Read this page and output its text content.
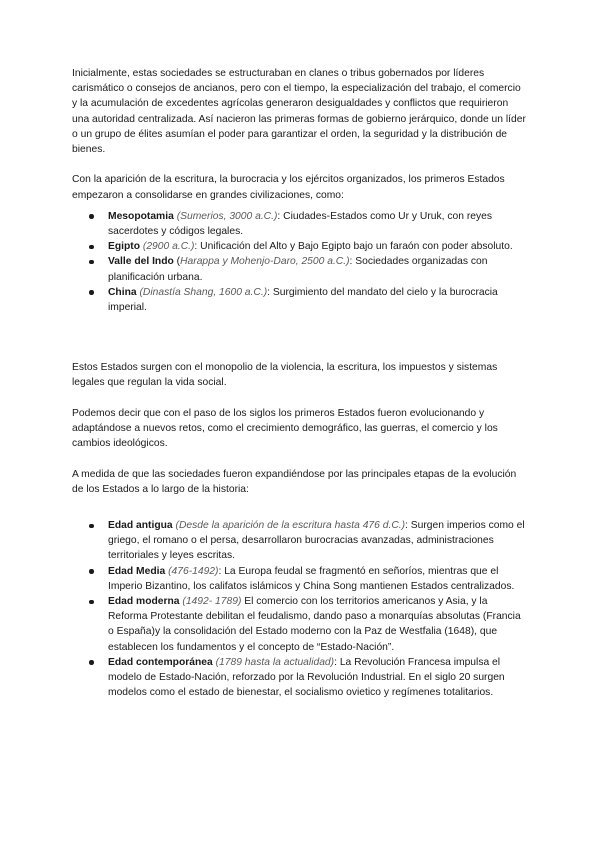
Inicialmente, estas sociedades se estructuraban en clanes o tribus gobernados por líderes carismático o consejos de ancianos, pero con el tiempo, la especialización del trabajo, el comercio y la acumulación de excedentes agrícolas generaron desigualdades y conflictos que requirieron una autoridad centralizada. Así nacieron las primeras formas de gobierno jerárquico, donde un líder o un grupo de élites asumían el poder para garantizar el orden, la seguridad y la distribución de bienes.

Con la aparición de la escritura, la burocracia y los ejércitos organizados, los primeros Estados empezaron a consolidarse en grandes civilizaciones, como:

Mesopotamia (Sumerios, 3000 a.C.): Ciudades-Estados como Ur y Uruk, con reyes sacerdotes y códigos legales.
Egipto (2900 a.C.): Unificación del Alto y Bajo Egipto bajo un faraón con poder absoluto.
Valle del Indo (Harappa y Mohenjo-Daro, 2500 a.C.): Sociedades organizadas con planificación urbana.
China (Dinastía Shang, 1600 a.C.): Surgimiento del mandato del cielo y la burocracia imperial.

Estos Estados surgen con el monopolio de la violencia, la escritura, los impuestos y sistemas legales que regulan la vida social.

Podemos decir que con el paso de los siglos los primeros Estados fueron evolucionando y adaptándose a nuevos retos, como el crecimiento demográfico, las guerras, el comercio y los cambios ideológicos.

A medida de que las sociedades fueron expandiéndose por las principales etapas de la evolución de los Estados a lo largo de la historia:

Edad antigua (Desde la aparición de la escritura hasta 476 d.C.): Surgen imperios como el griego, el romano o el persa, desarrollaron burocracias avanzadas, administraciones territoriales y leyes escritas.
Edad Media (476-1492): La Europa feudal se fragmentó en señoríos, mientras que el Imperio Bizantino, los califatos islámicos y China Song mantienen Estados centralizados.
Edad moderna (1492- 1789) El comercio con los territorios americanos y Asia, y la Reforma Protestante debilitan el feudalismo, dando paso a monarquías absolutas (Francia o España)y la consolidación del Estado moderno con la Paz de Westfalia (1648), que establecen los fundamentos y el concepto de “Estado-Nación”.
Edad contemporánea (1789 hasta la actualidad): La Revolución Francesa impulsa el modelo de Estado-Nación, reforzado por la Revolución Industrial. En el siglo 20 surgen modelos como el estado de bienestar, el socialismo ovietico y regímenes totalitarios.
